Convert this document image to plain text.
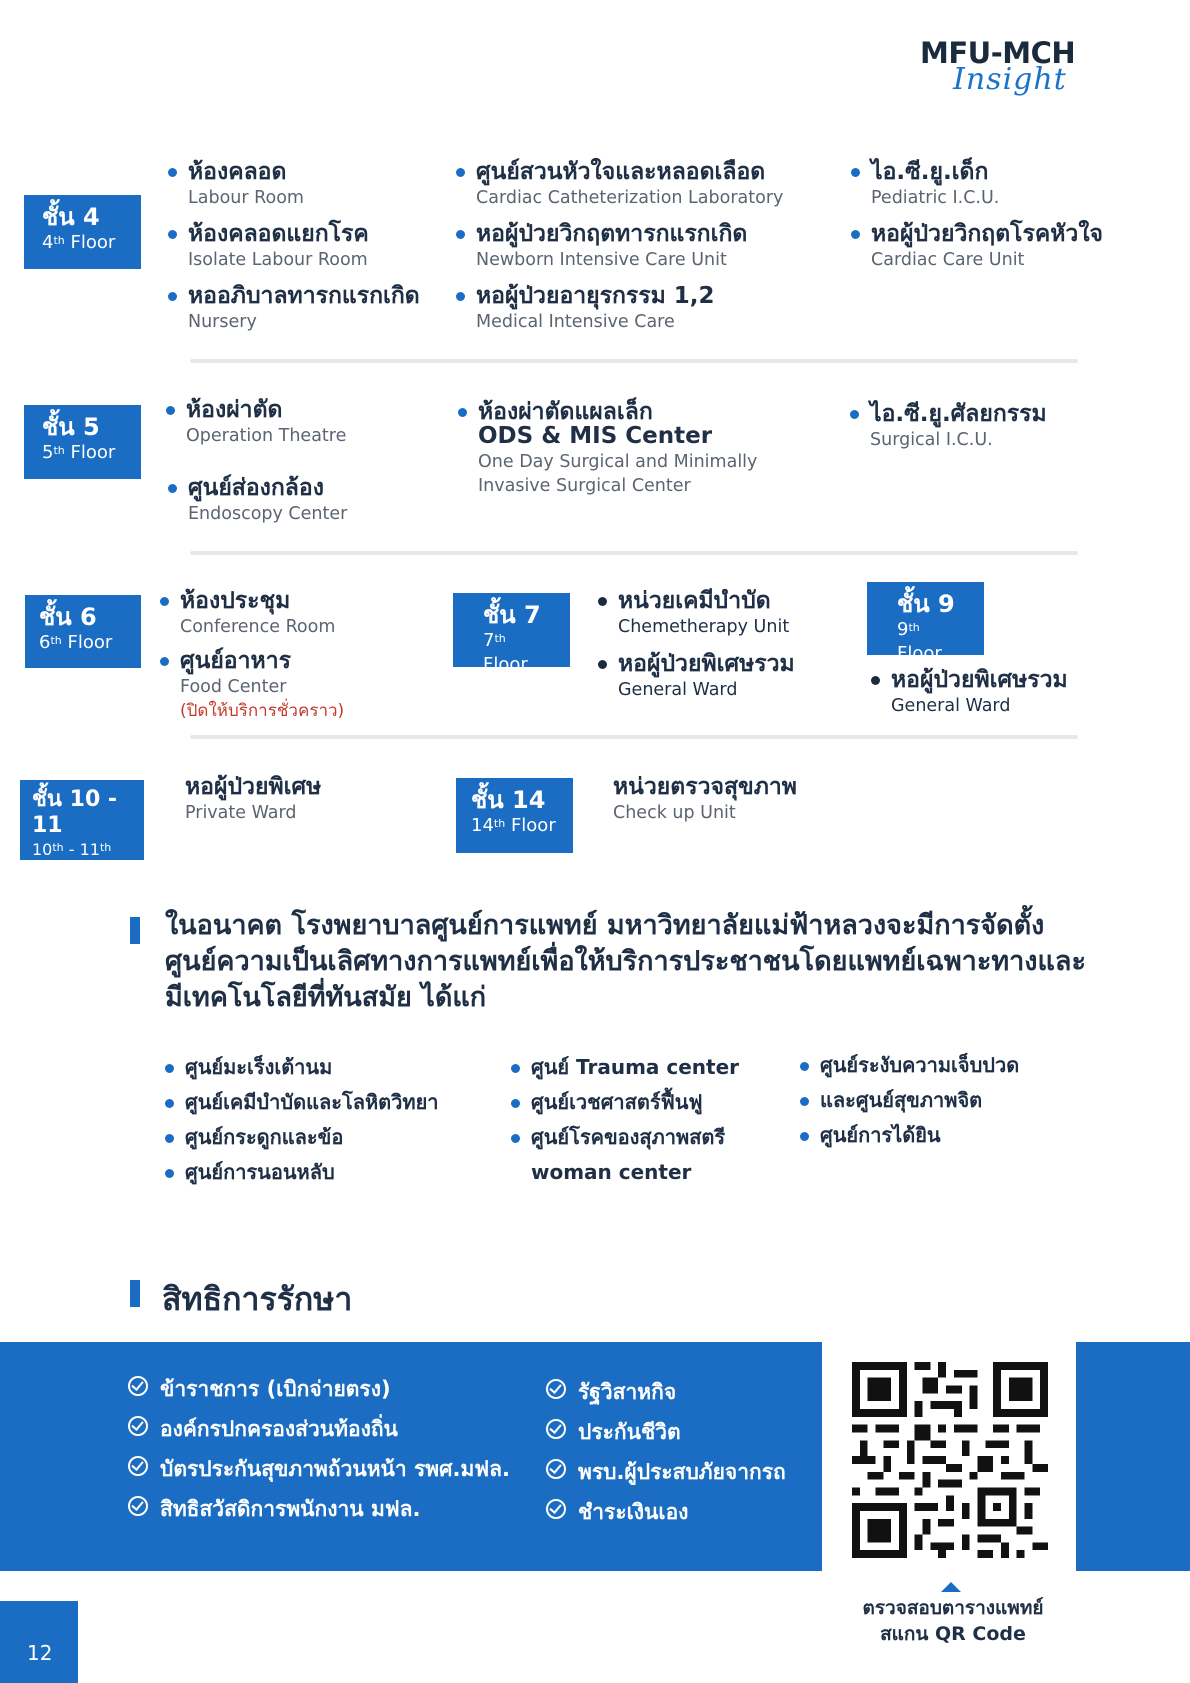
MFU-MCH
Insight
ชั้น 4
4th Floor
ห้องคลอด
Labour Room
ห้องคลอดแยกโรค
Isolate Labour Room
หออภิบาลทารกแรกเกิด
Nursery
ศูนย์สวนหัวใจและหลอดเลือด
Cardiac Catheterization Laboratory
หอผู้ป่วยวิกฤตทารกแรกเกิด
Newborn Intensive Care Unit
หอผู้ป่วยอายุรกรรม 1,2
Medical Intensive Care
ไอ.ซี.ยู.เด็ก
Pediatric I.C.U.
หอผู้ป่วยวิกฤตโรคหัวใจ
Cardiac Care Unit
ชั้น 5
5th Floor
ห้องผ่าตัด
Operation Theatre
ศูนย์ส่องกล้อง
Endoscopy Center
ห้องผ่าตัดแผลเล็ก
ODS & MIS Center
One Day Surgical and Minimally
Invasive Surgical Center
ไอ.ซี.ยู.ศัลยกรรม
Surgical I.C.U.
ชั้น 6
6th Floor
ห้องประชุม
Conference Room
ศูนย์อาหาร
Food Center
(ปิดให้บริการชั่วคราว)
ชั้น 7
7th Floor
หน่วยเคมีบำบัด
Chemetherapy Unit
หอผู้ป่วยพิเศษรวม
General Ward
ชั้น 9
9th Floor
หอผู้ป่วยพิเศษรวม
General Ward
ชั้น 10 - 11
10th - 11th
Floor
หอผู้ป่วยพิเศษ
Private Ward	ชั้น 14
14th Floor
หน่วยตรวจสุขภาพ
Check up Unit
ในอนาคต โรงพยาบาลศูนย์การแพทย์ มหาวิทยาลัยแม่ฟ้าหลวงจะมีการจัดตั้งศูนย์ความเป็นเลิศทางการแพทย์เพื่อให้บริการประชาชนโดยแพทย์เฉพาะทางและมีเทคโนโลยีที่ทันสมัย ได้แก่
ศูนย์มะเร็งเต้านม
ศูนย์เคมีบำบัดและโลหิตวิทยา
ศูนย์กระดูกและข้อ
ศูนย์การนอนหลับ
ศูนย์ Trauma center
ศูนย์เวชศาสตร์ฟื้นฟู
ศูนย์โรคของสุภาพสตรี
woman center
ศูนย์ระงับความเจ็บปวด
และศูนย์สุขภาพจิต
ศูนย์การได้ยิน
สิทธิการรักษา
ข้าราชการ (เบิกจ่ายตรง)
องค์กรปกครองส่วนท้องถิ่น
บัตรประกันสุขภาพถ้วนหน้า รพศ.มฟล.
สิทธิสวัสดิการพนักงาน มฟล.
รัฐวิสาหกิจ
ประกันชีวิต
พรบ.ผู้ประสบภัยจากรถ
ชำระเงินเอง
ตรวจสอบตารางแพทย์
สแกน QR Code
12
